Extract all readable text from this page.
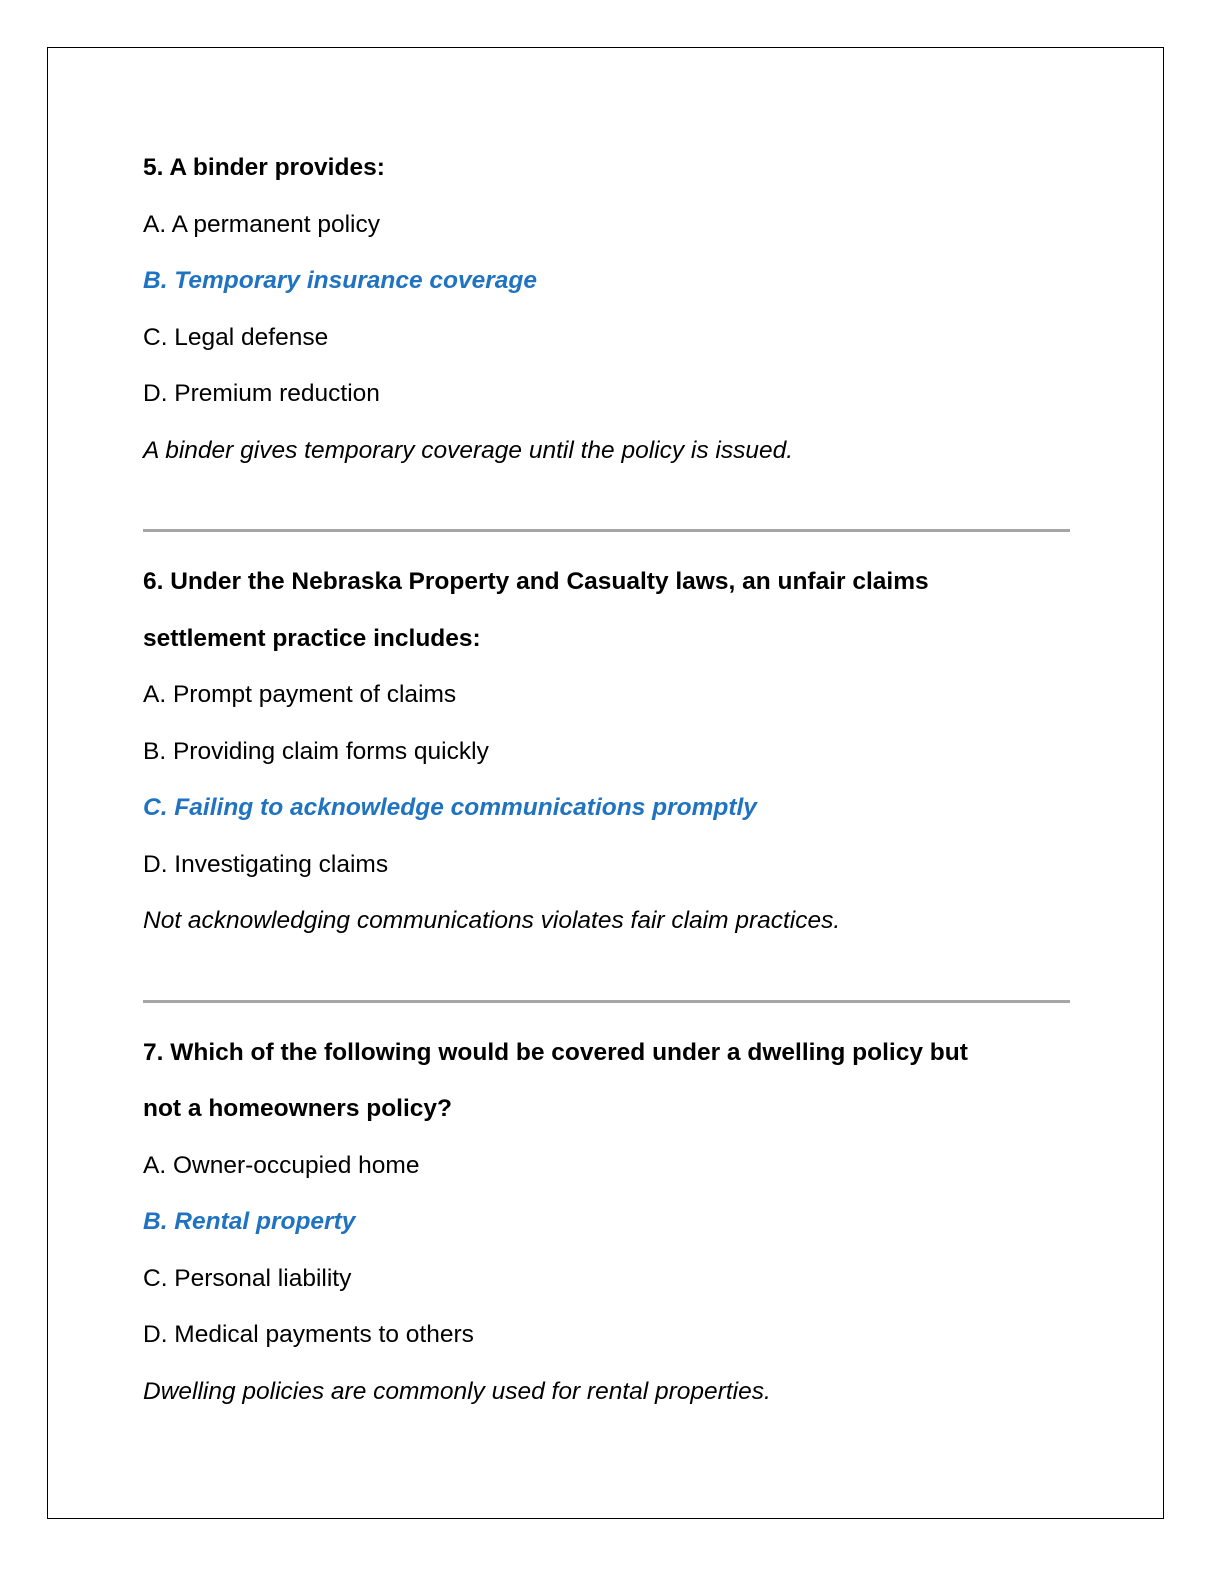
5. A binder provides:

A. A permanent policy

B. Temporary insurance coverage

C. Legal defense

D. Premium reduction

A binder gives temporary coverage until the policy is issued.

6. Under the Nebraska Property and Casualty laws, an unfair claims

settlement practice includes:

A. Prompt payment of claims

B. Providing claim forms quickly

C. Failing to acknowledge communications promptly

D. Investigating claims

Not acknowledging communications violates fair claim practices.

7. Which of the following would be covered under a dwelling policy but

not a homeowners policy?

A. Owner-occupied home

B. Rental property

C. Personal liability

D. Medical payments to others

Dwelling policies are commonly used for rental properties.
